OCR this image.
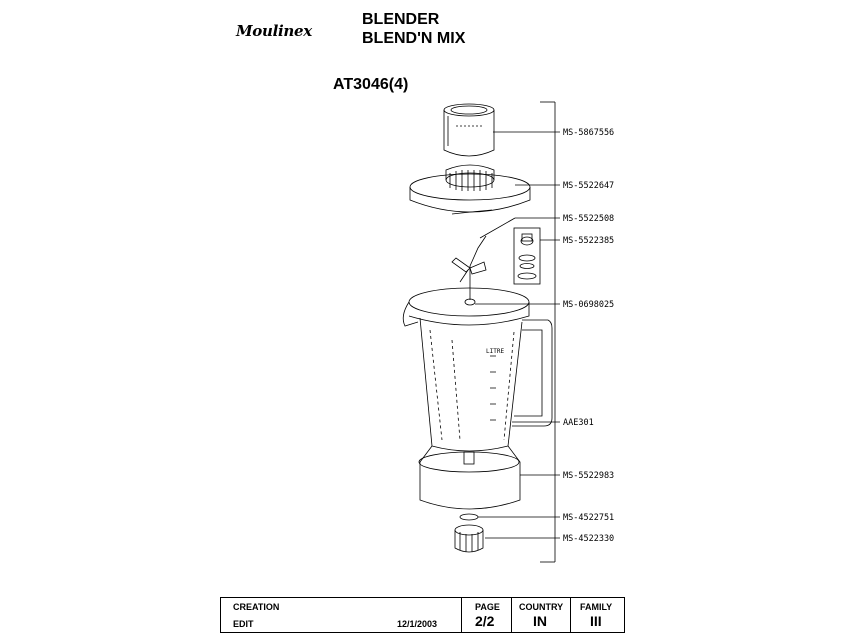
Moulinex
BLENDER
BLEND'N MIX
AT3046(4)
LITRE
MS-5867556
MS-5522647
MS-5522508
MS-5522385
MS-0698025
AAE301
MS-5522983
MS-4522751
MS-4522330
CREATION
EDIT	12/1/2003
PAGE
2/2
COUNTRY
IN
FAMILY
III
